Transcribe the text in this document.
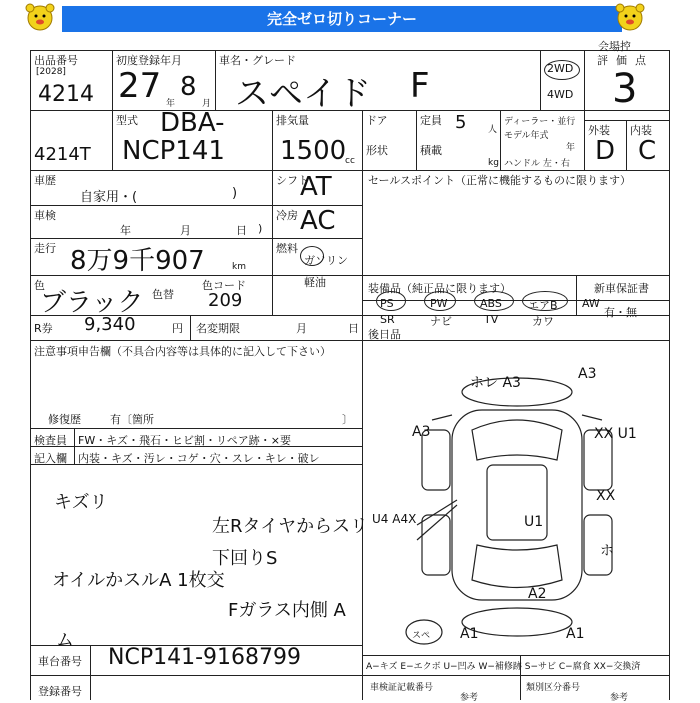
完全ゼロ切りコーナー
出品番号
[2028]
4214
初度登録年月
27 年
8
月
車名・グレード
スペイド F	2WD
4WD
評価点
3
会場控
型式 DBA-
NCP141
4214T
排気量
1500
cc
ドア
形状
定員 5 人
積載
kg
ディーラー・並行
モデル年式
年
ハンドル 左・右
外装 内装
D C
車歴
自家用・(	)
車検
年	月	日 )
走行 8万9千907	km
色
ブラック 色替
色コード
209
R券 9,340	円 名変期限	月	日
シフト
AT
冷房 AC
燃料
ガソリン
軽油
セールスポイント（正常に機能するものに限ります）
装備品（純正品に限ります）
PS	PW	ABS エアB AW
SR	ナビ	TV	カワ
新車保証書
有・無
後日品
注意事項申告欄（不具合内容等は具体的に記入して下さい）
修復歴	有〔箇所	〕
検査員
記入欄
FW・キズ・飛石・ヒビ割・リペア跡・×要
内装・キズ・汚レ・コゲ・穴・スレ・キレ・破レ
キズリ
左Rタイヤからスリ
下回りS
オイルかスルA 1枚交
Fガラス内側 A
ム
ホレ A3
A3
A3	XX U1
XX
U4 A4X	U1
ホ
A2
A1	A1
スペ
車台番号 NCP141-9168799
登録番号
A−キズ E−エクボ U−凹み W−補修跡 S−サビ C−腐食 XX−交換済
車検証記載番号
参考
類別区分番号
参考
